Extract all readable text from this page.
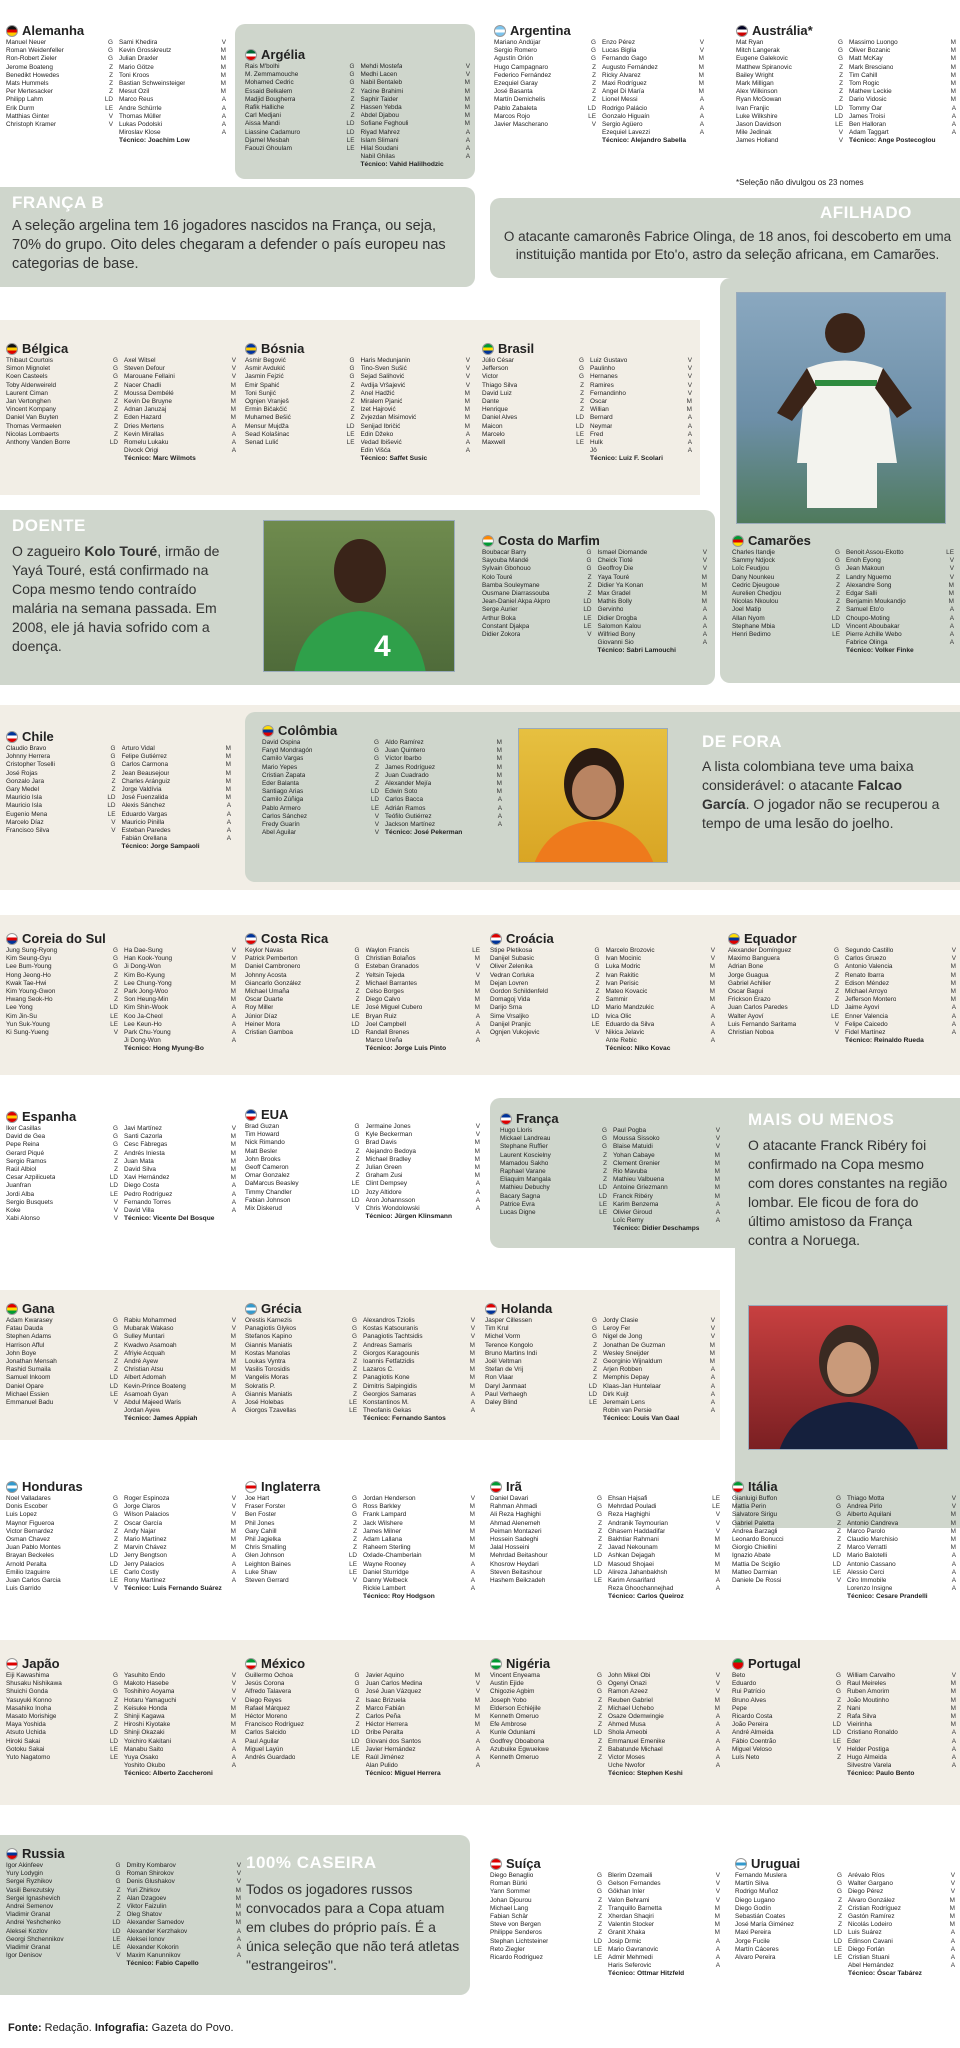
Alemanha
Manuel Neuer	G
Roman Weidenfeller	G
Ron-Robert Zieler	G
Jerome Boateng	Z
Benedikt Howedes	Z
Mats Hummels	Z
Per Mertesacker	Z
Philipp Lahm	LD
Erik Durm	LE
Matthias Ginter	V
Christoph Kramer	V
Sami Khedira	V
Kevin Grosskreutz	M
Julian Draxler	M
Mario Götze	M
Toni Kroos	M
Bastian Schweinsteiger	M
Mesut Özil	M
Marco Reus	A
Andre Schürrle	A
Thomas Müller	A
Lukas Podolski	A
Miroslav Klose	A
Técnico: Joachim Low
Argélia
Rais M'bolhi	G
M. Zemmamouche	G
Mohamed Cedric	G
Essaid Belkalem	Z
Madjid Bougherra	Z
Rafik Halliche	Z
Carl Medjani	Z
Aissa Mandi	LD
Liassine Cadamuro	LD
Djamel Mesbah	LE
Faouzi Ghoulam	LE
Mehdi Mostefa	V
Medhi Lacen	V
Nabil Bentaleb	M
Yacine Brahimi	M
Saphir Taider	M
Hassen Yebda	M
Abdel Djabou	M
Sofiane Feghouli	M
Riyad Mahrez	A
Islam Slimani	A
Hilal Soudani	A
Nabil Ghilas	A
Técnico: Vahid Halilhodzic
Argentina
Mariano Andújar	G
Sergio Romero	G
Agustín Orión	G
Hugo Campagnaro	Z
Federico Fernández	Z
Ezequiel Garay	Z
José Basanta	Z
Martín Demichelis	Z
Pablo Zabaleta	LD
Marcos Rojo	LE
Javier Mascherano	V
Enzo Pérez	V
Lucas Biglia	V
Fernando Gago	M
Augusto Fernández	M
Ricky Álvarez	M
Maxi Rodríguez	M
Ángel Di María	M
Lionel Messi	A
Rodrigo Palácio	A
Gonzalo Higuaín	A
Sergio Agüero	A
Ezequiel Lavezzi	A
Técnico: Alejandro Sabella
Austrália*
Mat Ryan	G
Mitch Langerak	G
Eugene Galekovic	G
Matthew Spiranovic	Z
Bailey Wright	Z
Mark Milligan	Z
Alex Wilkinson	Z
Ryan McGowan	Z
Ivan Franjic	LD
Luke Wilkshire	LD
Jason Davidson	LE
Mile Jedinak	V
James Holland	V
Massimo Luongo	M
Oliver Bozanic	M
Matt McKay	M
Mark Bresciano	M
Tim Cahill	M
Tom Rogic	M
Mathew Leckie	M
Dario Vidosic	M
Tommy Oar	A
James Troisi	A
Ben Halloran	A
Adam Taggart	A
Técnico: Ange Postecoglou
*Seleção não divulgou os 23 nomes
FRANÇA B
A seleção argelina tem 16 jogadores nascidos na França, ou seja, 70% do grupo. Oito deles chegaram a defender o país europeu nas categorias de base.
AFILHADO
O atacante camaronês Fabrice Olinga, de 18 anos, foi descoberto em uma instituição mantida por Eto'o, astro da seleção africana, em Camarões.
Bélgica
Thibaut Courtois	G
Simon Mignolet	G
Koen Casteels	G
Toby Alderweireld	Z
Laurent Ciman	Z
Jan Vertonghen	Z
Vincent Kompany	Z
Daniel Van Buyten	Z
Thomas Vermaelen	Z
Nicolas Lombaerts	Z
Anthony Vanden Borre	LD
Axel Witsel	V
Steven Defour	V
Marouane Fellaini	V
Nacer Chadli	M
Moussa Dembélé	M
Kevin De Bruyne	M
Adnan Januzaj	M
Eden Hazard	M
Dries Mertens	A
Kevin Mirallas	A
Romelu Lukaku	A
Divock Origi	A
Técnico: Marc Wilmots
Bósnia
Asmir Begović	G
Asmir Avdukić	G
Jasmin Fejzić	G
Emir Spahić	Z
Toni Šunjić	Z
Ognjen Vranješ	Z
Ermin Bičakčić	Z
Muhamed Bešić	Z
Mensur Mujdža	LD
Sead Kolašinac	LE
Senad Lulić	LE
Haris Medunjanin	V
Tino-Sven Sušić	V
Sejad Salihović	V
Avdija Vršajević	V
Anel Hadžić	M
Miralem Pjanić	M
Izet Hajrović	M
Zvjezdan Misimović	M
Senijad Ibričić	M
Edin Džeko	A
Vedad Ibišević	A
Edin Višća	A
Técnico: Saffet Susic
Brasil
Júlio César	G
Jefferson	G
Victor	G
Thiago Silva	Z
David Luiz	Z
Dante	Z
Henrique	Z
Daniel Alves	LD
Maicon	LD
Marcelo	LE
Maxwell	LE
Luiz Gustavo	V
Paulinho	V
Hernanes	V
Ramires	V
Fernandinho	V
Oscar	M
Willian	M
Bernard	A
Neymar	A
Fred	A
Hulk	A
Jô	A
Técnico: Luiz F. Scolari
Camarões
Charles Itandje	G
Sammy Ndjock	G
Loïc Feudjou	G
Dany Nounkeu	Z
Cedric Djeugoue	Z
Aurelien Chedjou	Z
Nicolas Nkoulou	Z
Joel Matip	Z
Allan Nyom	LD
Stephane Mbia	LD
Henri Bedimo	LE
Benoit Assou-Ekotto	LE
Enoh Eyong	V
Jean Makoun	V
Landry Nguemo	V
Alexandre Song	M
Edgar Salli	M
Benjamin Moukandjo	M
Samuel Eto'o	A
Choupo-Moting	A
Vincent Aboubakar	A
Pierre Achille Webo	A
Fabrice Olinga	A
Técnico: Volker Finke
DOENTE
O zagueiro Kolo Touré, irmão de Yayá Touré, está confirmado na Copa mesmo tendo contraído malária na semana passada. Em 2008, ele já havia sofrido com a doença.	4
Costa do Marfim
Boubacar Barry	G
Sayouba Mandé	G
Sylvain Gbohouo	G
Kolo Touré	Z
Bamba Souleymane	Z
Ousmane Diarrassouba	Z
Jean-Daniel Akpa Akpro	LD
Serge Aurier	LD
Arthur Boka	LE
Constant Djakpa	LE
Didier Zokora	V
Ismael Diomande	V
Cheick Tioté	V
Geoffroy Die	V
Yaya Touré	M
Didier Ya Konan	M
Max Gradel	M
Mathis Bolly	M
Gervinho	A
Didier Drogba	A
Salomon Kalou	A
Wilfried Bony	A
Giovanni Sio	A
Técnico: Sabri Lamouchi
Chile
Claudio Bravo	G
Johnny Herrera	G
Cristopher Toselli	G
José Rojas	Z
Gonzalo Jara	Z
Gary Medel	Z
Mauricio Isla	LD
Mauricio Isla	LD
Eugenio Mena	LE
Marcelo Díaz	V
Francisco Silva	V
Arturo Vidal	M
Felipe Gutiérrez	M
Carlos Carmona	M
Jean Beausejour	M
Charles Aránguiz	M
Jorge Valdívia	M
José Fuenzalida	M
Alexis Sánchez	A
Eduardo Vargas	A
Mauricio Pinilla	A
Esteban Paredes	A
Fabián Orellana	A
Técnico: Jorge Sampaoli
Colômbia
David Ospina	G
Faryd Mondragón	G
Camilo Vargas	G
Mario Yepes	Z
Cristian Zapata	Z
Éder Balanta	Z
Santiago Arias	LD
Camilo Zúñiga	LD
Pablo Armero	LE
Carlos Sánchez	V
Fredy Guarín	V
Abel Aguilar	V
Aldo Ramírez	M
Juan Quintero	M
Víctor Ibarbo	M
James Rodríguez	M
Juan Cuadrado	M
Alexander Mejía	M
Edwin Soto	M
Carlos Bacca	A
Adrián Ramos	A
Teófilo Gutiérrez	A
Jackson Martínez	A
Técnico: José Pekerman
DE FORA
A lista colombiana teve uma baixa considerável: o atacante Falcao García. O jogador não se recuperou a tempo de uma lesão do joelho.
Coreia do Sul
Jung Sung-Ryong	G
Kim Seung-Gyu	G
Lee Bum-Young	G
Hong Jeong-Ho	Z
Kwak Tae-Hwi	Z
Kim Young-Gwon	Z
Hwang Seok-Ho	Z
Lee Yong	LD
Kim Jin-Su	LE
Yun Suk-Young	LE
Ki Sung-Yueng	V
Ha Dae-Sung	V
Han Kook-Young	V
Ji Dong-Won	M
Kim Bo-Kyung	M
Lee Chung-Yong	M
Park Jong-Woo	M
Son Heung-Min	M
Kim Shin-Wook	A
Koo Ja-Cheol	A
Lee Keun-Ho	A
Park Chu-Young	A
Ji Dong-Won	A
Técnico: Hong Myung-Bo
Costa Rica
Keylor Navas	G
Patrick Pemberton	G
Daniel Cambronero	G
Johnny Acosta	Z
Giancarlo González	Z
Michael Umaña	Z
Óscar Duarte	Z
Roy Miller	LE
Júnior Díaz	LE
Heiner Mora	LD
Cristian Gamboa	LD
Waylon Francis	LE
Christian Bolaños	M
Esteban Granados	V
Yeltsin Tejeda	V
Michael Barrantes	M
Celso Borges	M
Diego Calvo	M
José Miguel Cubero	M
Bryan Ruiz	A
Joel Campbell	A
Randall Brenes	A
Marco Ureña	A
Técnico: Jorge Luis Pinto
Croácia
Stipe Pletikosa	G
Danijel Subasic	G
Oliver Zelenika	G
Vedran Ćorluka	Z
Dejan Lovren	Z
Gordon Schildenfeld	Z
Domagoj Vida	Z
Darijo Srna	LD
Sime Vrsaljko	LD
Danijel Pranjic	LE
Ognjen Vukojevic	V
Marcelo Brozovic	V
Ivan Mocinic	V
Luka Modric	M
Ivan Rakitic	M
Ivan Perisic	M
Mateo Kovacic	M
Sammir	M
Mario Mandzukic	A
Ivica Olic	A
Eduardo da Silva	A
Nikica Jelavic	A
Ante Rebic	A
Técnico: Niko Kovac
Equador
Alexander Domínguez	G
Maximo Banguera	G
Adrian Bone	G
Jorge Guagua	Z
Gabriel Achilier	Z
Oscar Bagui	Z
Frickson Erazo	Z
Juan Carlos Paredes	LD
Walter Ayoví	LE
Luis Fernando Saritama	V
Christian Noboa	V
Segundo Castillo	V
Carlos Gruezo	V
Antonio Valencia	M
Renato Ibarra	M
Edison Méndez	M
Michael Arroyo	M
Jefferson Montero	M
Jaime Ayoví	A
Enner Valencia	A
Felipe Caicedo	A
Fidel Martínez	A
Técnico: Reinaldo Rueda
Espanha
Iker Casillas	G
David de Gea	G
Pepe Reina	G
Gerard Piqué	Z
Sergio Ramos	Z
Raúl Albiol	Z
Cesar Azpilicueta	LD
Juanfran	LD
Jordi Alba	LE
Sergio Busquets	V
Koke	V
Xabi Alonso	V
Javi Martínez	V
Santi Cazorla	M
Cesc Fàbregas	M
Andrés Iniesta	M
Juan Mata	M
David Silva	M
Xavi Hernández	M
Diego Costa	A
Pedro Rodríguez	A
Fernando Torres	A
David Villa	A
Técnico: Vicente Del Bosque
EUA
Brad Guzan	G
Tim Howard	G
Nick Rimando	G
Matt Besler	Z
John Brooks	Z
Geoff Cameron	Z
Omar Gonzalez	Z
DaMarcus Beasley	LE
Timmy Chandler	LD
Fabian Johnson	LD
Mix Diskerud	V
Jermaine Jones	V
Kyle Beckerman	V
Brad Davis	M
Alejandro Bedoya	M
Michael Bradley	M
Julian Green	M
Graham Zusi	M
Clint Dempsey	A
Jozy Altidore	A
Aron Johannsson	A
Chris Wondolowski	A
Técnico: Jürgen Klinsmann
França
Hugo Lloris	G
Mickael Landreau	G
Stephane Ruffier	G
Laurent Koscielny	Z
Mamadou Sakho	Z
Raphael Varane	Z
Eliaquim Mangala	Z
Mathieu Debuchy	LD
Bacary Sagna	LD
Patrice Evra	LE
Lucas Digne	LE
Paul Pogba	V
Moussa Sissoko	V
Blaise Matuidi	V
Yohan Cabaye	M
Clement Grenier	M
Rio Mavuba	M
Mathieu Valbuena	M
Antoine Griezmann	M
Franck Ribéry	M
Karim Benzema	A
Olivier Giroud	A
Loïc Remy	A
Técnico: Didier Deschamps
MAIS OU MENOS
O atacante Franck Ribéry foi confirmado na Copa mesmo com dores constantes na região lombar. Ele ficou de fora do último amistoso da França contra a Noruega.
Gana
Adam Kwarasey	G
Fatau Dauda	G
Stephen Adams	G
Harrison Afful	Z
John Boye	Z
Jonathan Mensah	Z
Rashid Sumaila	Z
Samuel Inkoom	LD
Daniel Opare	LD
Michael Essien	LE
Emmanuel Badu	V
Rabiu Mohammed	V
Mubarak Wakaso	V
Sulley Muntari	M
Kwadwo Asamoah	M
Afriyie Acquah	M
André Ayew	M
Christian Atsu	M
Albert Adomah	M
Kevin-Prince Boateng	M
Asamoah Gyan	A
Abdul Majeed Waris	A
Jordan Ayew	A
Técnico: James Appiah
Grécia
Orestis Karnezis	G
Panagiotis Glykos	G
Stefanos Kapino	G
Giannis Maniatis	Z
Kostas Manolas	Z
Loukas Vyntra	Z
Vasilis Torosidis	Z
Vangelis Moras	Z
Sokratis P.	Z
Giannis Maniatis	Z
José Holebas	LE
Giorgos Tzavellas	LE
Alexandros Tziolis	V
Kostas Katsouranis	V
Panagiotis Tachtsidis	V
Andreas Samaris	M
Giorgos Karagounis	M
Ioannis Fetfatzidis	M
Lazaros C.	M
Panagiotis Kone	M
Dimitris Salpingidis	M
Georgios Samaras	A
Konstantinos M.	A
Theofanis Gekas	A
Técnico: Fernando Santos
Holanda
Jasper Cillessen	G
Tim Krul	G
Michel Vorm	G
Terence Kongolo	Z
Bruno Martins Indi	Z
Joël Veltman	Z
Stefan de Vrij	Z
Ron Vlaar	Z
Daryl Janmaat	LD
Paul Verhaegh	LD
Daley Blind	LE
Jordy Clasie	V
Leroy Fer	V
Nigel de Jong	V
Jonathan De Guzman	M
Wesley Sneijder	M
Georginio Wijnaldum	M
Arjen Robben	A
Memphis Depay	A
Klaas-Jan Huntelaar	A
Dirk Kuijt	A
Jeremain Lens	A
Robin van Persie	A
Técnico: Louis Van Gaal
Honduras
Noel Valladares	G
Donis Escober	G
Luis Lopez	G
Maynor Figueroa	Z
Victor Bernardez	Z
Osman Chavez	Z
Juan Pablo Montes	Z
Brayan Beckeles	LD
Arnold Peralta	LD
Emilio Izaguirre	LE
Juan Carlos Garcia	LE
Luis Garrido	V
Roger Espinoza	V
Jorge Claros	V
Wilson Palacios	V
Óscar García	M
Andy Najar	M
Mario Martínez	M
Marvin Chávez	M
Jerry Bengtson	A
Jerry Palacios	A
Carlo Costly	A
Rony Martínez	A
Técnico: Luis Fernando Suárez
Inglaterra
Joe Hart	G
Fraser Forster	G
Ben Foster	G
Phil Jones	Z
Gary Cahill	Z
Phil Jagielka	Z
Chris Smalling	Z
Glen Johnson	LD
Leighton Baines	LE
Luke Shaw	LE
Steven Gerrard	V
Jordan Henderson	V
Ross Barkley	M
Frank Lampard	M
Jack Wilshere	M
James Milner	M
Adam Lallana	M
Raheem Sterling	M
Oxlade-Chamberlain	M
Wayne Rooney	A
Daniel Sturridge	A
Danny Welbeck	A
Rickie Lambert	A
Técnico: Roy Hodgson
Irã
Daniel Davari	G
Rahman Ahmadi	G
Ali Reza Haghighi	G
Ahmad Alenemeh	Z
Peiman Montazeri	Z
Hossein Sadeghi	Z
Jalal Hosseini	Z
Mehrdad Beitashour	LD
Khosrow Heydari	LD
Steven Beitashour	LD
Hashem Beikzadeh	LE
Ehsan Hajsafi	LE
Mehrdad Pouladi	LE
Reza Haghighi	V
Andranik Teymourian	V
Ghasem Haddadifar	V
Bakhtiar Rahmani	M
Javad Nekounam	M
Ashkan Dejagah	M
Masoud Shojaei	M
Alireza Jahanbakhsh	M
Karim Ansarifard	A
Reza Ghoochannejhad	A
Técnico: Carlos Queiroz
Itália
Gianluigi Buffon	G
Mattia Perin	G
Salvatore Sirigu	G
Gabriel Paletta	Z
Andrea Barzagli	Z
Leonardo Bonucci	Z
Giorgio Chiellini	Z
Ignazio Abate	LD
Mattia De Sciglio	LD
Matteo Darmian	LE
Daniele De Rossi	V
Thiago Motta	V
Andrea Pirlo	V
Alberto Aquilani	M
Antonio Candreva	M
Marco Parolo	M
Claudio Marchisio	M
Marco Verratti	M
Mario Balotelli	A
Antonio Cassano	A
Alessio Cerci	A
Ciro Immobile	A
Lorenzo Insigne	A
Técnico: Cesare Prandelli
Japão
Eiji Kawashima	G
Shusaku Nishikawa	G
Shuichi Gonda	G
Yasuyuki Konno	Z
Masahiko Inoha	Z
Masato Morishige	Z
Maya Yoshida	Z
Atsuto Uchida	LD
Hiroki Sakai	LD
Gotoku Sakai	LE
Yuto Nagatomo	LE
Yasuhito Endo	V
Makoto Hasebe	V
Toshihiro Aoyama	V
Hotaru Yamaguchi	V
Keisuke Honda	M
Shinji Kagawa	M
Hiroshi Kiyotake	M
Shinji Okazaki	M
Yoichiro Kakitani	A
Manabu Saito	A
Yuya Osako	A
Yoshito Okubo	A
Técnico: Alberto Zaccheroni
México
Guillermo Ochoa	G
Jesús Corona	G
Alfredo Talavera	G
Diego Reyes	Z
Rafael Márquez	Z
Héctor Moreno	Z
Francisco Rodríguez	Z
Carlos Salcido	LD
Paul Aguilar	LD
Miguel Layún	LE
Andrés Guardado	LE
Javier Aquino	M
Juan Carlos Medina	V
José Juan Vázquez	V
Isaac Brizuela	M
Marco Fabián	M
Carlos Peña	M
Héctor Herrera	M
Oribe Peralta	A
Giovani dos Santos	A
Javier Hernández	A
Raúl Jiménez	A
Alan Pulido	A
Técnico: Miguel Herrera
Nigéria
Vincent Enyeama	G
Austin Ejide	G
Chigozie Agbim	G
Joseph Yobo	Z
Elderson Echiéjile	Z
Kenneth Omeruo	Z
Efe Ambrose	Z
Kunle Odunlami	LD
Godfrey Oboabona	Z
Azubuike Egwuekwe	Z
Kenneth Omeruo	Z
John Mikel Obi	V
Ogenyi Onazi	V
Ramon Azeez	V
Reuben Gabriel	M
Michael Uchebo	M
Osaze Odemwingie	A
Ahmed Musa	A
Shola Ameobi	A
Emmanuel Emenike	A
Babatunde Michael	A
Victor Moses	A
Uche Nwofor	A
Técnico: Stephen Keshi
Portugal
Beto	G
Eduardo	G
Rui Patrício	G
Bruno Alves	Z
Pepe	Z
Ricardo Costa	Z
João Pereira	LD
André Almeida	LD
Fábio Coentrão	LE
Miguel Veloso	V
Luís Neto	Z
William Carvalho	V
Raul Meireles	M
Ruben Amorim	M
João Moutinho	M
Nani	M
Rafa Silva	M
Vieirinha	M
Cristiano Ronaldo	A
Éder	A
Helder Postiga	A
Hugo Almeida	A
Silvestre Varela	A
Técnico: Paulo Bento
Russia
Igor Akinfeev	G
Yury Lodygin	G
Sergei Ryzhikov	G
Vasili Berezutsky	Z
Sergei Ignashevich	Z
Andrei Semenov	Z
Vladimir Granat	Z
Andrei Yeshchenko	LD
Aleksei Kozlov	LD
Georgi Shchennikov	LE
Vladimir Granat	LE
Igor Denisov	V
Dmitry Kombarov	V
Roman Shirokov	V
Denis Glushakov	V
Yuri Zhirkov	M
Alan Dzagoev	M
Viktor Faizulin	M
Oleg Shatov	M
Alexander Samedov	M
Alexander Kerzhakov	A
Aleksei Ionov	A
Alexander Kokorin	A
Maxim Kanunnikov	A
Técnico: Fabio Capello
100% CASEIRA
Todos os jogadores russos convocados para a Copa atuam em clubes do próprio país. É a única seleção que não terá atletas "estrangeiros".
Suíça
Diego Benaglio	G
Roman Bürki	G
Yann Sommer	G
Johan Djourou	Z
Michael Lang	Z
Fabian Schär	Z
Steve von Bergen	Z
Philippe Senderos	Z
Stephan Lichtsteiner	LD
Reto Ziegler	LE
Ricardo Rodriguez	LE
Blerim Dzemaili	V
Gelson Fernandes	V
Gökhan Inler	V
Valon Behrami	V
Tranquillo Barnetta	M
Xherdan Shaqiri	M
Valentin Stocker	M
Granit Xhaka	M
Josip Drmic	A
Mario Gavranovic	A
Admir Mehmedi	A
Haris Seferovic	A
Técnico: Ottmar Hitzfeld
Uruguai
Fernando Muslera	G
Martín Silva	G
Rodrigo Muñoz	G
Diego Lugano	Z
Diego Godín	Z
Sebastián Coates	Z
José María Giménez	Z
Maxi Pereira	LD
Jorge Fucile	LD
Martín Cáceres	LE
Álvaro Pereira	LE
Arévalo Ríos	V
Walter Gargano	V
Diego Pérez	V
Álvaro González	M
Cristian Rodríguez	M
Gastón Ramírez	M
Nicolás Lodeiro	M
Luis Suárez	A
Edinson Cavani	A
Diego Forlán	A
Cristian Stuani	A
Abel Hernández	A
Técnico: Óscar Tabárez
Fonte: Redação. Infografia: Gazeta do Povo.
